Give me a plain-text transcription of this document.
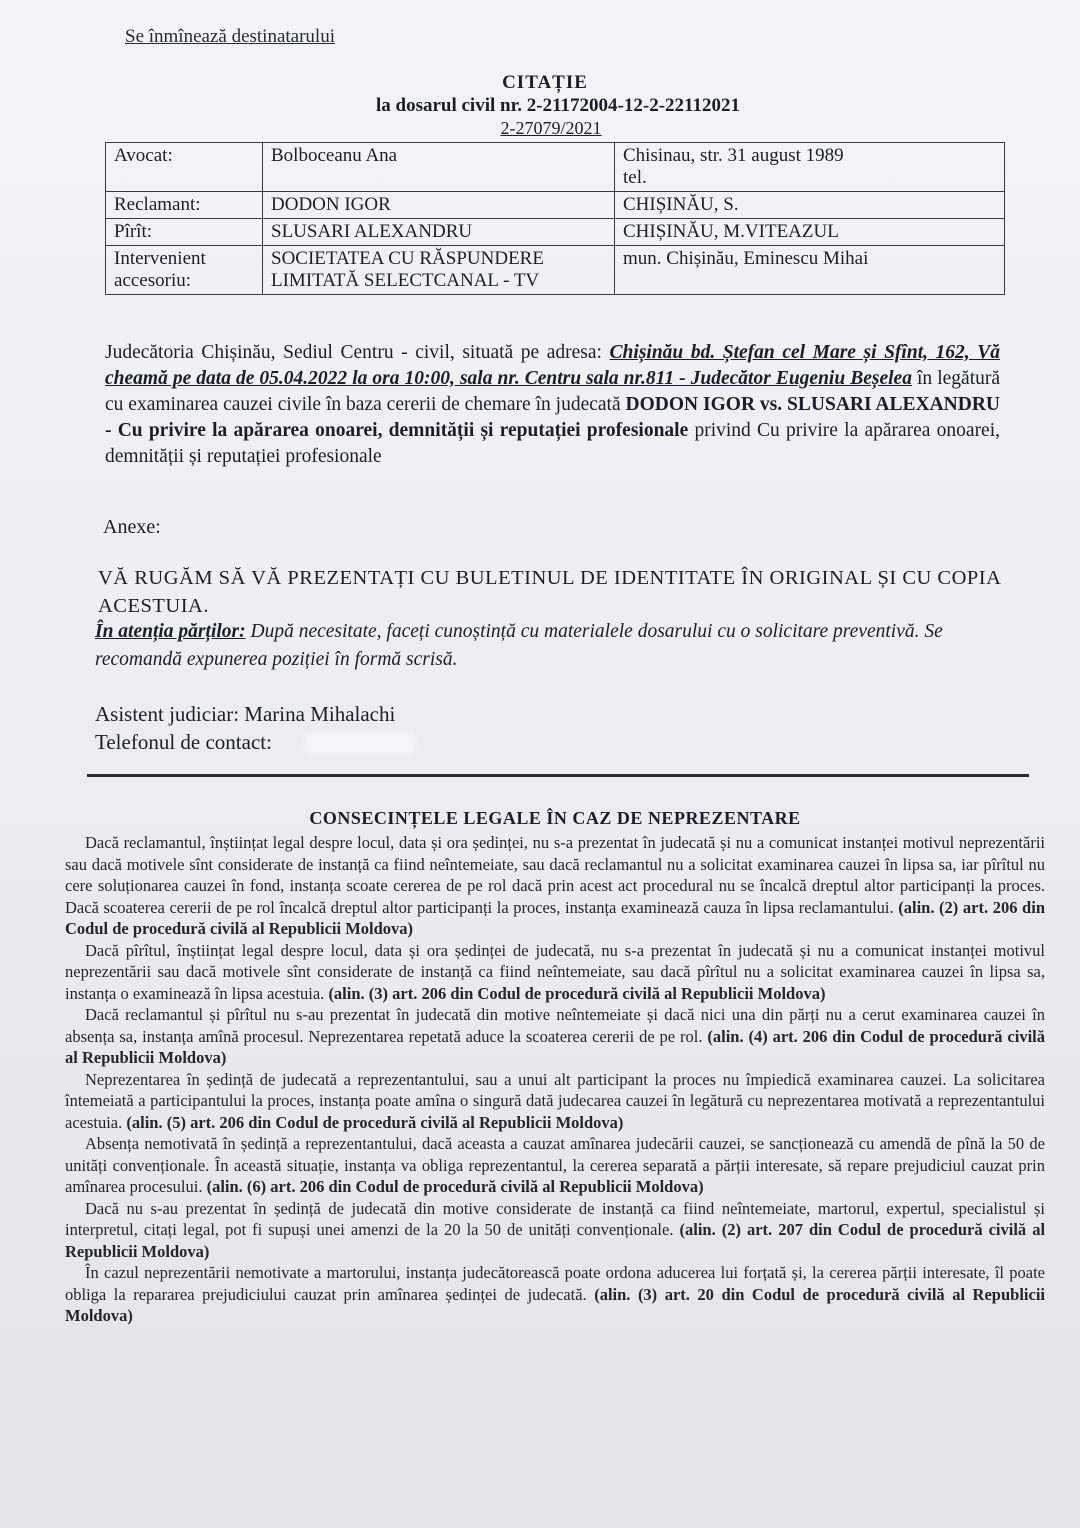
Se înmînează destinatarului
CITAȚIE
la dosarul civil nr. 2-21172004-12-2-22112021
2-27079/2021
Avocat:	Bolboceanu Ana	Chisinau, str. 31 august 1989
tel.

Reclamant:	DODON IGOR	CHIȘINĂU, S.
Pîrît:	SLUSARI ALEXANDRU	CHIȘINĂU, M.VITEAZUL
Intervenient accesoriu:	SOCIETATEA CU RĂSPUNDERE LIMITATĂ SELECTCANAL - TV	mun. Chișinău, Eminescu Mihai
Judecătoria Chișinău, Sediul Centru - civil, situată pe adresa: Chișinău bd. Ștefan cel Mare și Sfînt, 162, Vă cheamă pe data de 05.04.2022 la ora 10:00, sala nr. Centru sala nr.811 - Judecător Eugeniu Beșelea în legătură cu examinarea cauzei civile în baza cererii de chemare în judecată DODON IGOR vs. SLUSARI ALEXANDRU - Cu privire la apărarea onoarei, demnității și reputației profesionale privind Cu privire la apărarea onoarei, demnității și reputației profesionale
Anexe:
VĂ RUGĂM SĂ VĂ PREZENTAȚI CU BULETINUL DE IDENTITATE ÎN ORIGINAL ȘI CU COPIA ACESTUIA.
În atenția părților: După necesitate, faceți cunoștință cu materialele dosarului cu o solicitare preventivă. Se recomandă expunerea poziției în formă scrisă.
Asistent judiciar: Marina Mihalachi
Telefonul de contact:
CONSECINȚELE LEGALE ÎN CAZ DE NEPREZENTARE

Dacă reclamantul, înștiințat legal despre locul, data și ora ședinței, nu s-a prezentat în judecată și nu a comunicat instanței motivul neprezentării sau dacă motivele sînt considerate de instanță ca fiind neîntemeiate, sau dacă reclamantul nu a solicitat examinarea cauzei în lipsa sa, iar pîrîtul nu cere soluționarea cauzei în fond, instanța scoate cererea de pe rol dacă prin acest act procedural nu se încalcă dreptul altor participanți la proces. Dacă scoaterea cererii de pe rol încalcă dreptul altor participanți la proces, instanța examinează cauza în lipsa reclamantului. (alin. (2) art. 206 din Codul de procedură civilă al Republicii Moldova)

Dacă pîrîtul, înștiințat legal despre locul, data și ora ședinței de judecată, nu s-a prezentat în judecată și nu a comunicat instanței motivul neprezentării sau dacă motivele sînt considerate de instanță ca fiind neîntemeiate, sau dacă pîrîtul nu a solicitat examinarea cauzei în lipsa sa, instanța o examinează în lipsa acestuia. (alin. (3) art. 206 din Codul de procedură civilă al Republicii Moldova)

Dacă reclamantul și pîrîtul nu s-au prezentat în judecată din motive neîntemeiate și dacă nici una din părți nu a cerut examinarea cauzei în absența sa, instanța amînă procesul. Neprezentarea repetată aduce la scoaterea cererii de pe rol. (alin. (4) art. 206 din Codul de procedură civilă al Republicii Moldova)

Neprezentarea în ședință de judecată a reprezentantului, sau a unui alt participant la proces nu împiedică examinarea cauzei. La solicitarea întemeiată a participantului la proces, instanța poate amîna o singură dată judecarea cauzei în legătură cu neprezentarea motivată a reprezentantului acestuia. (alin. (5) art. 206 din Codul de procedură civilă al Republicii Moldova)

Absența nemotivată în ședință a reprezentantului, dacă aceasta a cauzat amînarea judecării cauzei, se sancționează cu amendă de pînă la 50 de unități convenționale. În această situație, instanța va obliga reprezentantul, la cererea separată a părții interesate, să repare prejudiciul cauzat prin amînarea procesului. (alin. (6) art. 206 din Codul de procedură civilă al Republicii Moldova)

Dacă nu s-au prezentat în ședință de judecată din motive considerate de instanță ca fiind neîntemeiate, martorul, expertul, specialistul și interpretul, citați legal, pot fi supuși unei amenzi de la 20 la 50 de unități convenționale. (alin. (2) art. 207 din Codul de procedură civilă al Republicii Moldova)

În cazul neprezentării nemotivate a martorului, instanța judecătorească poate ordona aducerea lui forțată și, la cererea părții interesate, îl poate obliga la repararea prejudiciului cauzat prin amînarea ședinței de judecată. (alin. (3) art. 20 din Codul de procedură civilă al Republicii Moldova)
